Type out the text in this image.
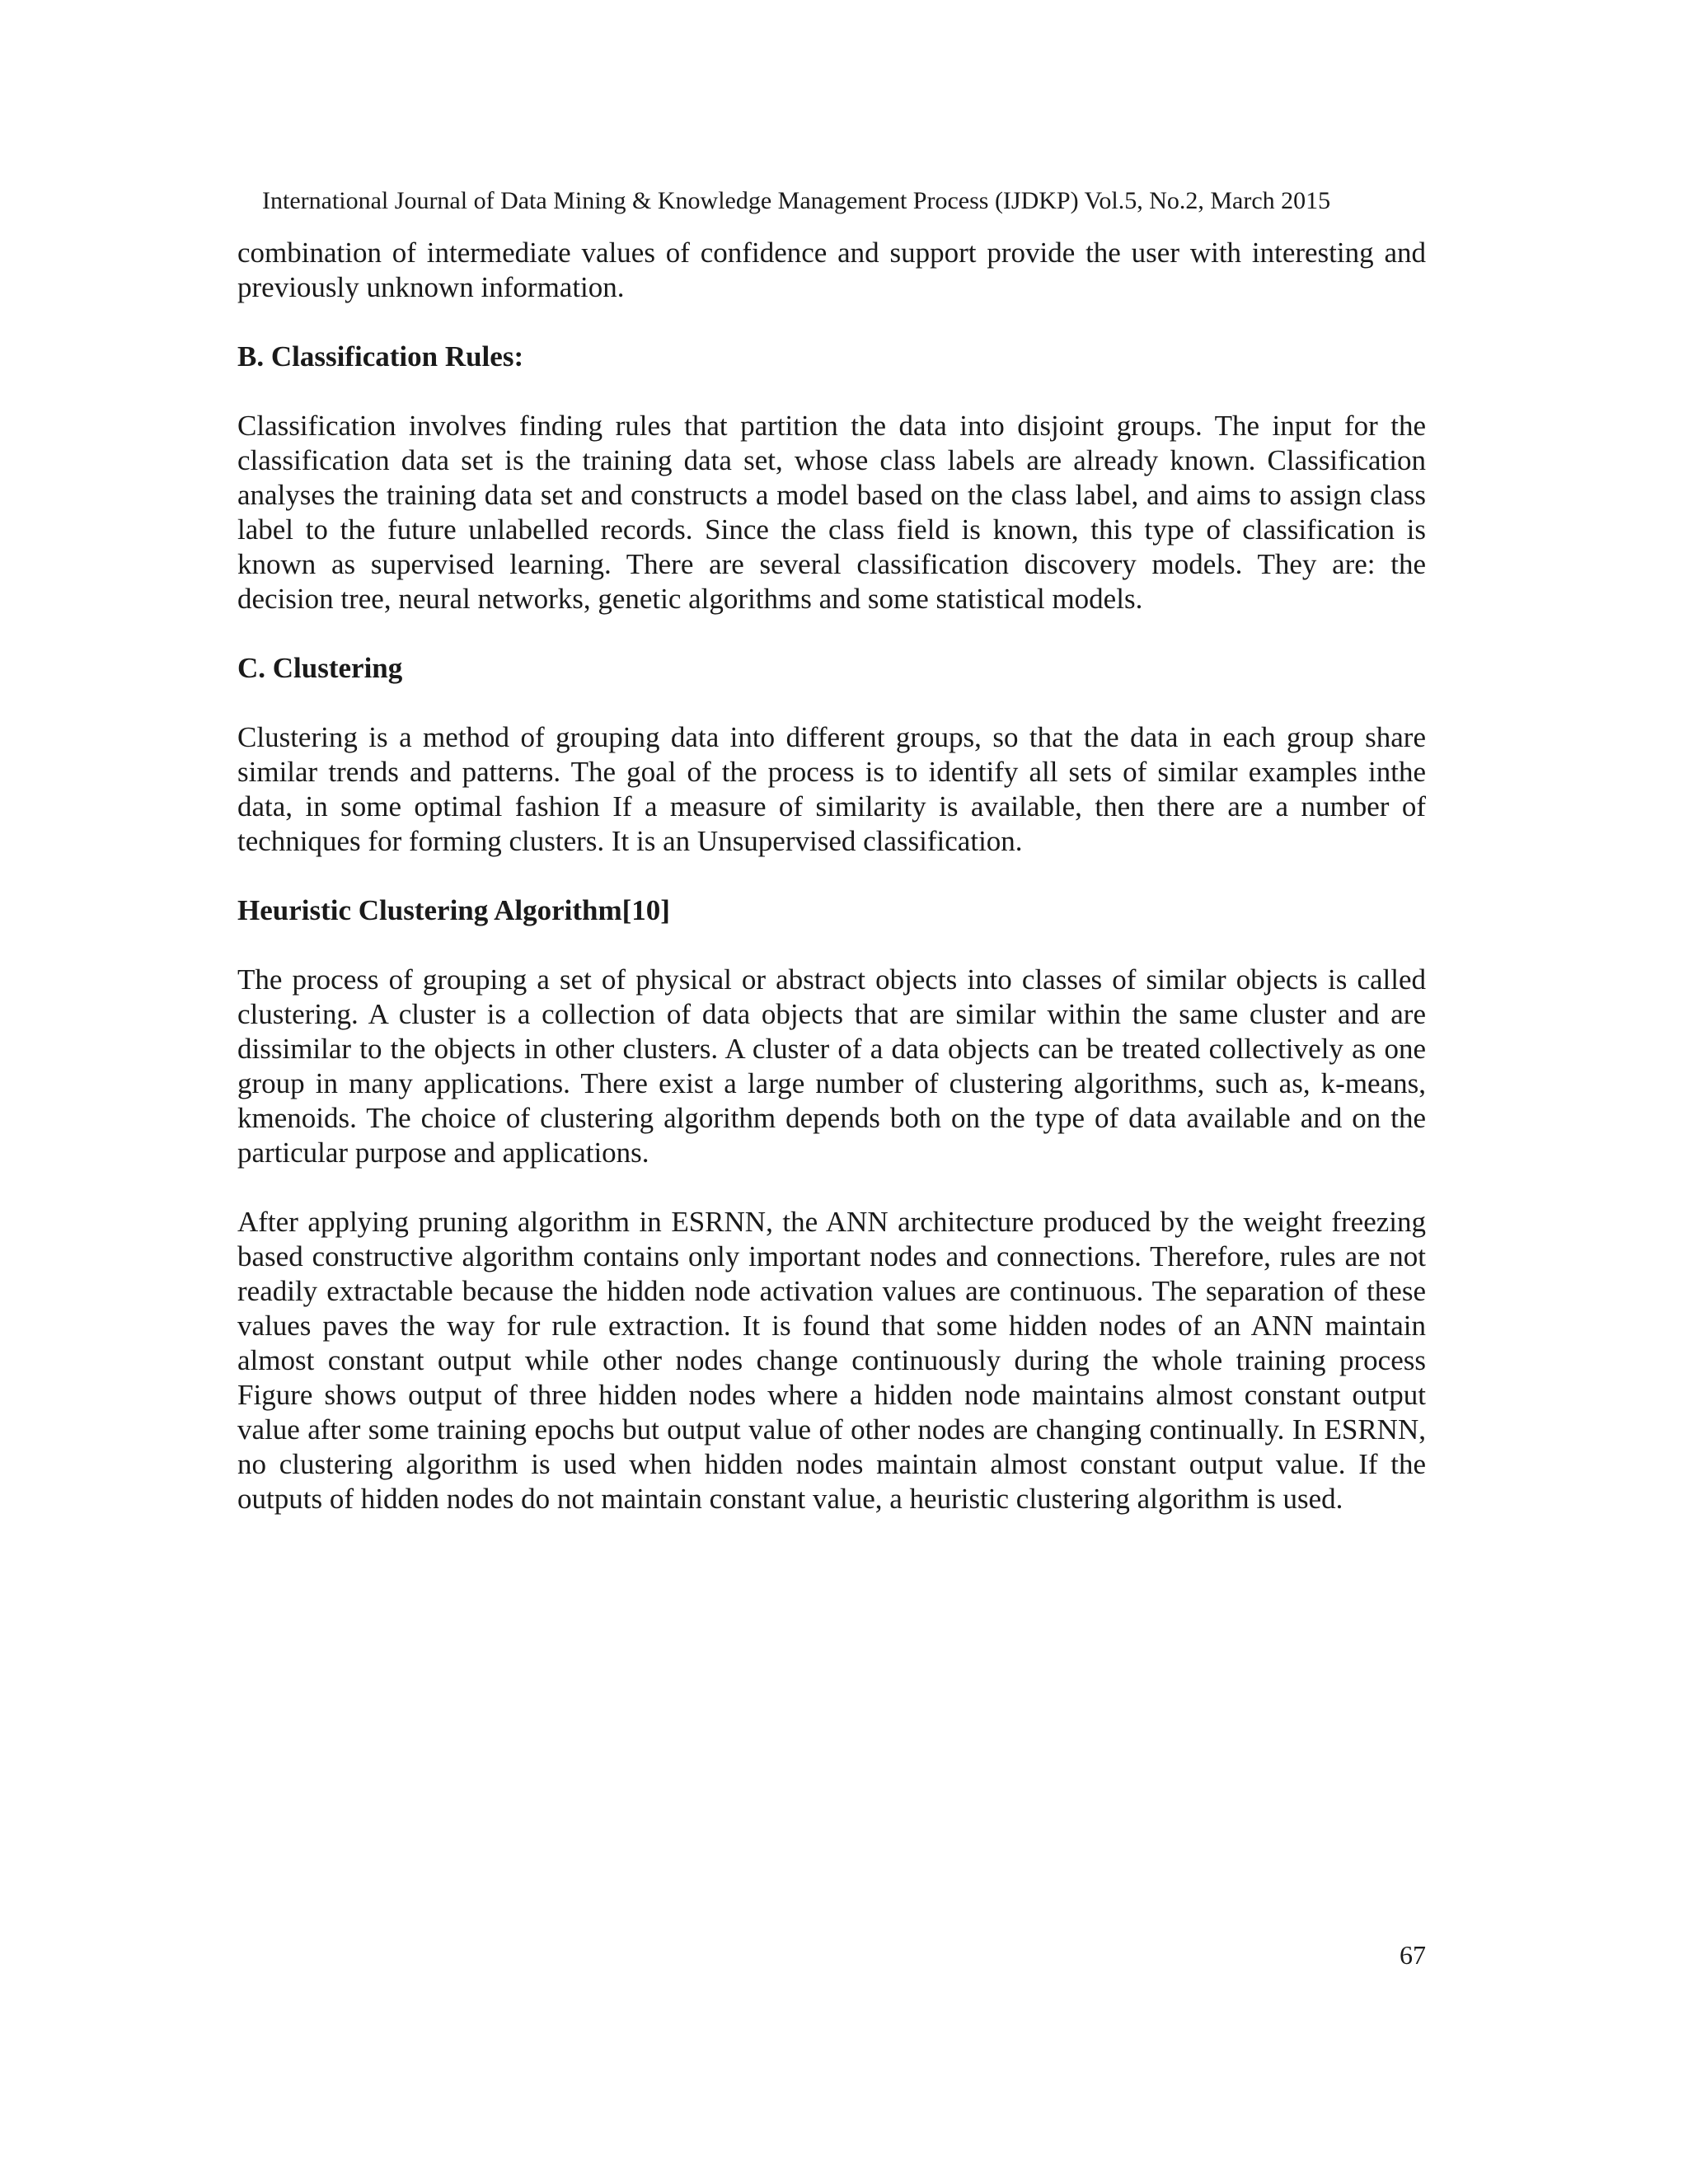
International Journal of Data Mining & Knowledge Management Process (IJDKP) Vol.5, No.2, March 2015

combination of intermediate values of confidence and support provide the user with interesting and previously unknown information.

B. Classification Rules:

Classification involves finding rules that partition the data into disjoint groups. The input for the classification data set is the training data set, whose class labels are already known. Classification analyses the training data set and constructs a model based on the class label, and aims to assign class label to the future unlabelled records. Since the class field is known, this type of classification is known as supervised learning. There are several classification discovery models. They are: the decision tree, neural networks, genetic algorithms and some statistical models.

C. Clustering

Clustering is a method of grouping data into different groups, so that the data in each group share similar trends and patterns. The goal of the process is to identify all sets of similar examples inthe data, in some optimal fashion If a measure of similarity is available, then there are a number of techniques for forming clusters. It is an Unsupervised classification.

Heuristic Clustering Algorithm[10]

The process of grouping a set of physical or abstract objects into classes of similar objects is called clustering. A cluster is a collection of data objects that are similar within the same cluster and are dissimilar to the objects in other clusters. A cluster of a data objects can be treated collectively as one group in many applications. There exist a large number of clustering algorithms, such as, k-means, kmenoids. The choice of clustering algorithm depends both on the type of data available and on the particular purpose and applications.

After applying pruning algorithm in ESRNN, the ANN architecture produced by the weight freezing based constructive algorithm contains only important nodes and connections. Therefore, rules are not readily extractable because the hidden node activation values are continuous. The separation of these values paves the way for rule extraction. It is found that some hidden nodes of an ANN maintain almost constant output while other nodes change continuously during the whole training process Figure shows output of three hidden nodes where a hidden node maintains almost constant output value after some training epochs but output value of other nodes are changing continually. In ESRNN, no clustering algorithm is used when hidden nodes maintain almost constant output value. If the outputs of hidden nodes do not maintain constant value, a heuristic clustering algorithm is used.

67
